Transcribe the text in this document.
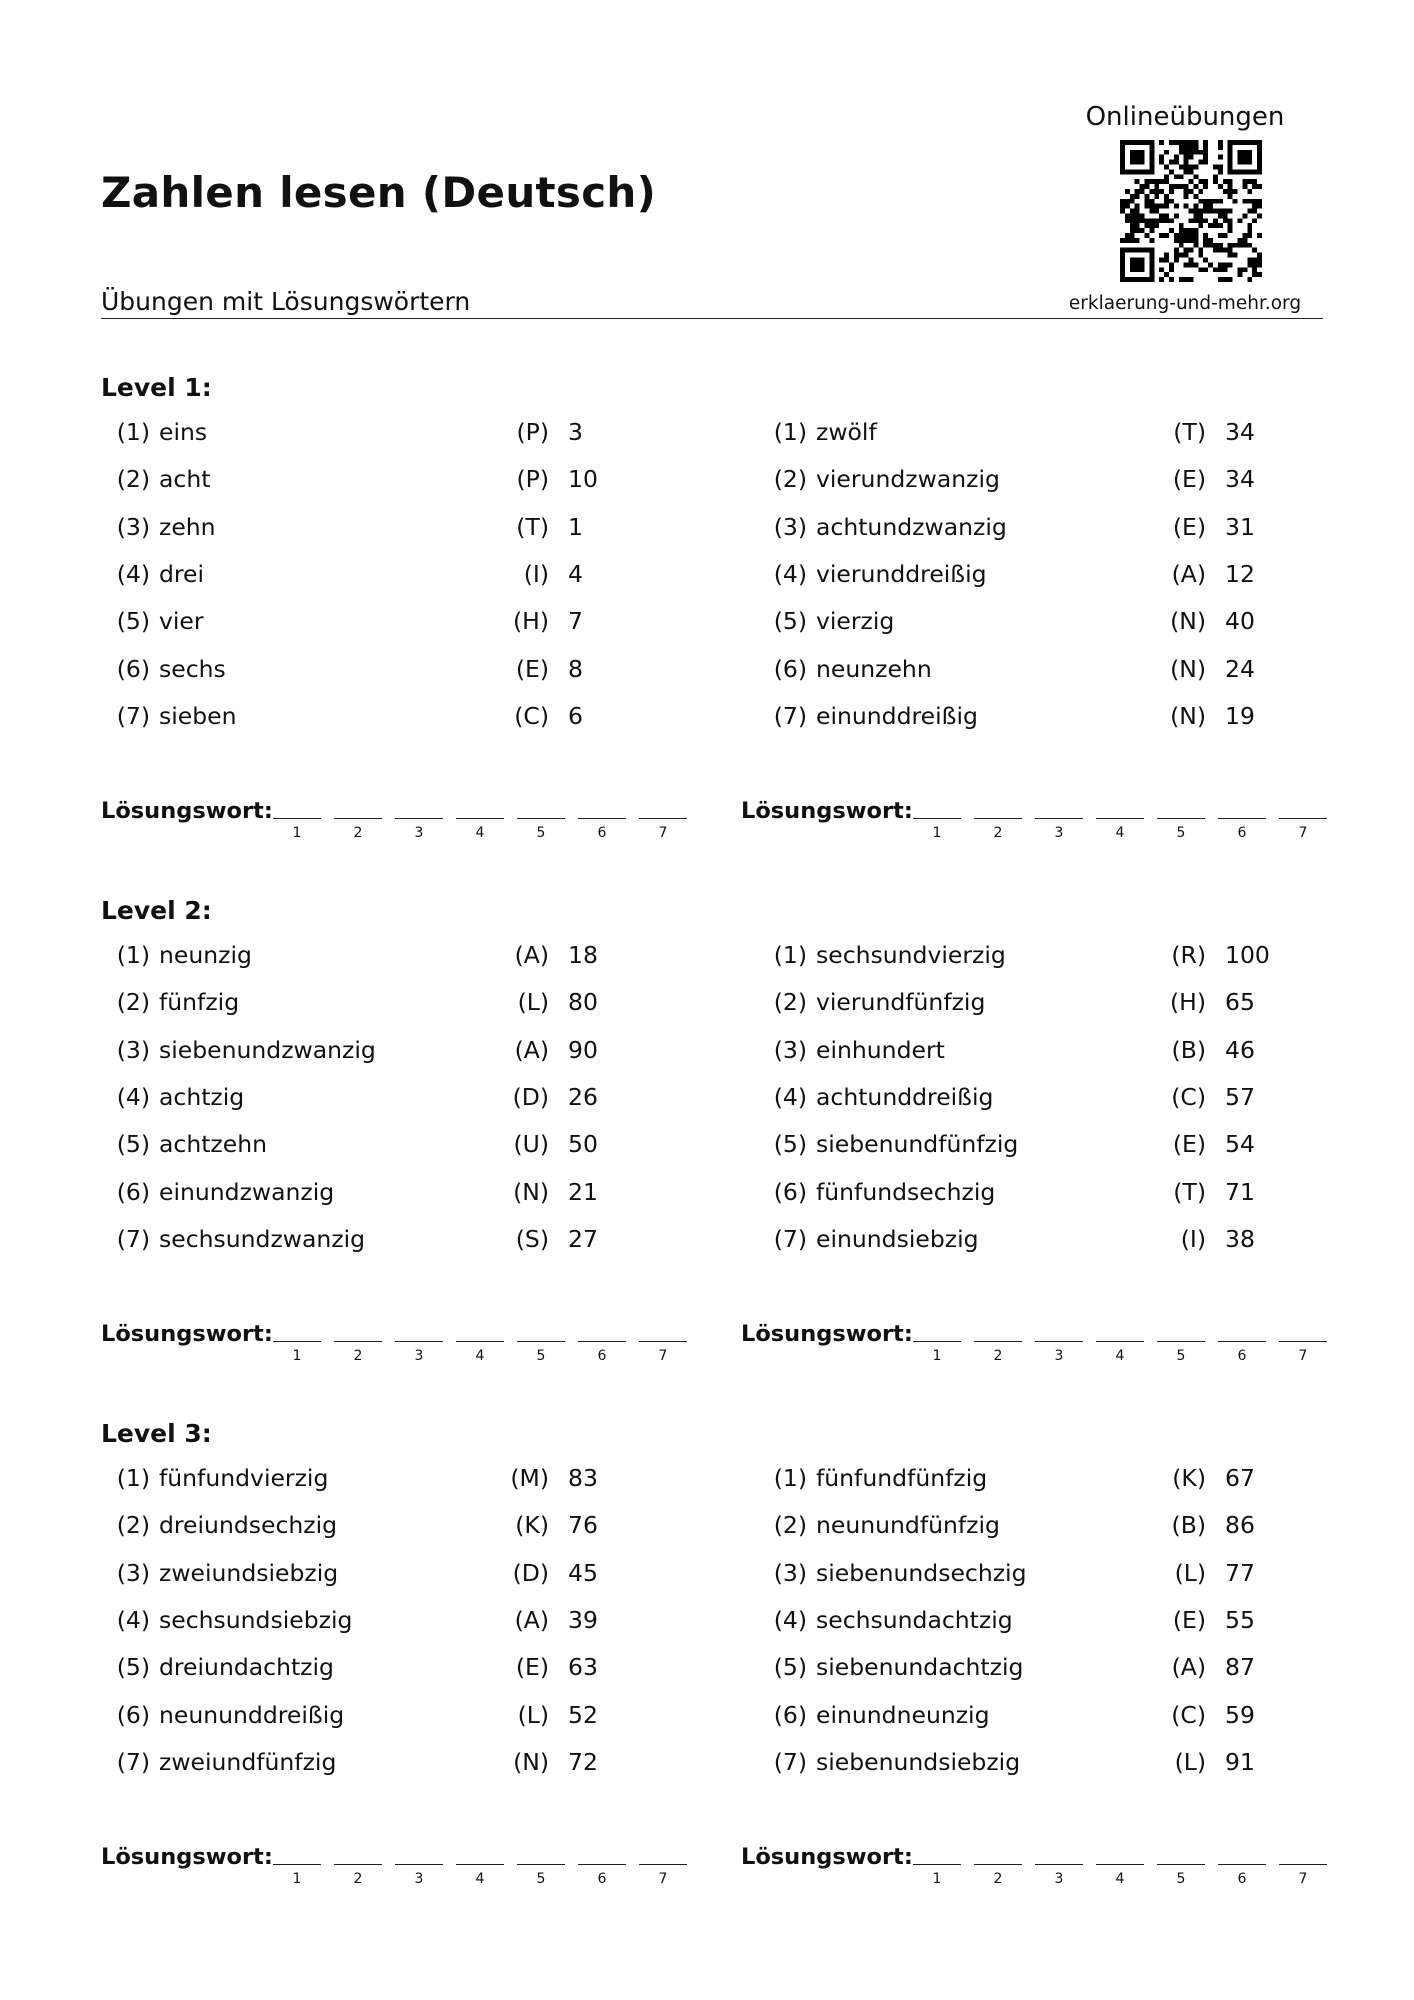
Zahlen lesen (Deutsch)
Übungen mit Lösungswörtern
Onlineübungen
erklaerung-und-mehr.org
Level 1:
(1) eins	(P) 3
(2) acht	(P) 10
(3) zehn	(T) 1
(4) drei	(I) 4
(5) vier	(H) 7
(6) sechs	(E) 8
(7) sieben	(C) 6
Lösungswort:
1	2	3	4	5	6	7
(1) zwölf	(T) 34
(2) vierundzwanzig	(E) 34
(3) achtundzwanzig	(E) 31
(4) vierunddreißig	(A) 12
(5) vierzig	(N) 40
(6) neunzehn	(N) 24
(7) einunddreißig	(N) 19
Lösungswort:
1	2	3	4	5	6	7
Level 2:
(1) neunzig	(A) 18
(2) fünfzig	(L) 80
(3) siebenundzwanzig	(A) 90
(4) achtzig	(D) 26
(5) achtzehn	(U) 50
(6) einundzwanzig	(N) 21
(7) sechsundzwanzig	(S) 27
Lösungswort:
1	2	3	4	5	6	7
(1) sechsundvierzig	(R) 100
(2) vierundfünfzig	(H) 65
(3) einhundert	(B) 46
(4) achtunddreißig	(C) 57
(5) siebenundfünfzig	(E) 54
(6) fünfundsechzig	(T) 71
(7) einundsiebzig	(I) 38
Lösungswort:
1	2	3	4	5	6	7
Level 3:
(1) fünfundvierzig	(M) 83
(2) dreiundsechzig	(K) 76
(3) zweiundsiebzig	(D) 45
(4) sechsundsiebzig	(A) 39
(5) dreiundachtzig	(E) 63
(6) neununddreißig	(L) 52
(7) zweiundfünfzig	(N) 72
Lösungswort:
1	2	3	4	5	6	7
(1) fünfundfünfzig	(K) 67
(2) neunundfünfzig	(B) 86
(3) siebenundsechzig	(L) 77
(4) sechsundachtzig	(E) 55
(5) siebenundachtzig	(A) 87
(6) einundneunzig	(C) 59
(7) siebenundsiebzig	(L) 91
Lösungswort:
1	2	3	4	5	6	7
